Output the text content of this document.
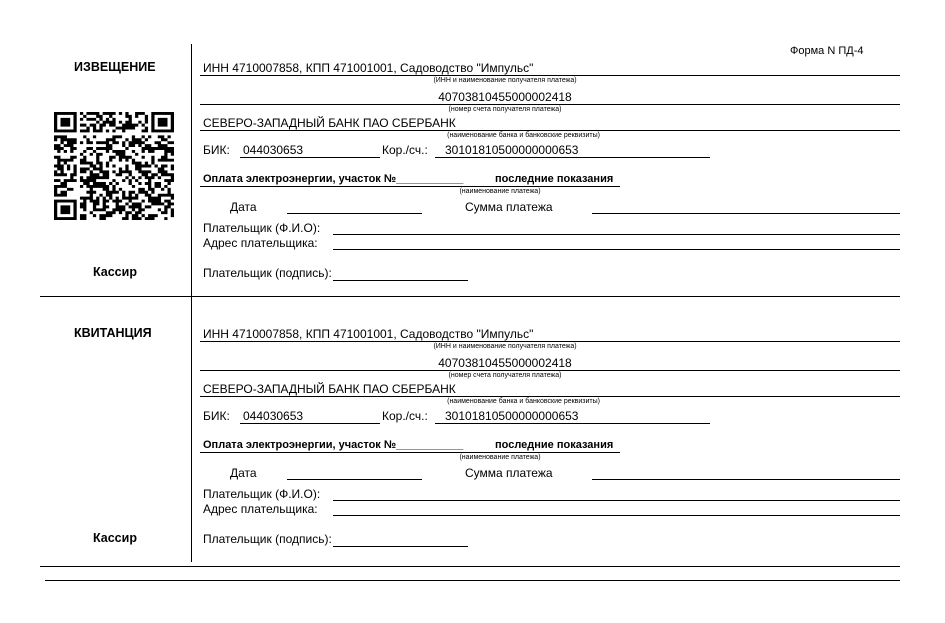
Форма N ПД-4
ИЗВЕЩЕНИЕ
Кассир
ИНН 4710007858, КПП 471001001, Садоводство "Импульс"
(ИНН и наименование получателя платежа)
40703810455000002418
(номер счета получателя платежа)
СЕВЕРО-ЗАПАДНЫЙ БАНК ПАО СБЕРБАНК
(наименование банка и банковские реквизиты)
БИК: 044030653	Кор./сч.: 30101810500000000653
Оплата электроэнергии, участок №___________	последние показания
(наименование платежа)
Дата	Сумма платежа
Плательщик (Ф.И.О):
Адрес плательщика:
Плательщик (подпись):
КВИТАНЦИЯ
Кассир
ИНН 4710007858, КПП 471001001, Садоводство "Импульс"
(ИНН и наименование получателя платежа)
40703810455000002418
(номер счета получателя платежа)
СЕВЕРО-ЗАПАДНЫЙ БАНК ПАО СБЕРБАНК
(наименование банка и банковские реквизиты)
БИК: 044030653	Кор./сч.: 30101810500000000653
Оплата электроэнергии, участок №___________	последние показания
(наименование платежа)
Дата	Сумма платежа
Плательщик (Ф.И.О):
Адрес плательщика:
Плательщик (подпись):
